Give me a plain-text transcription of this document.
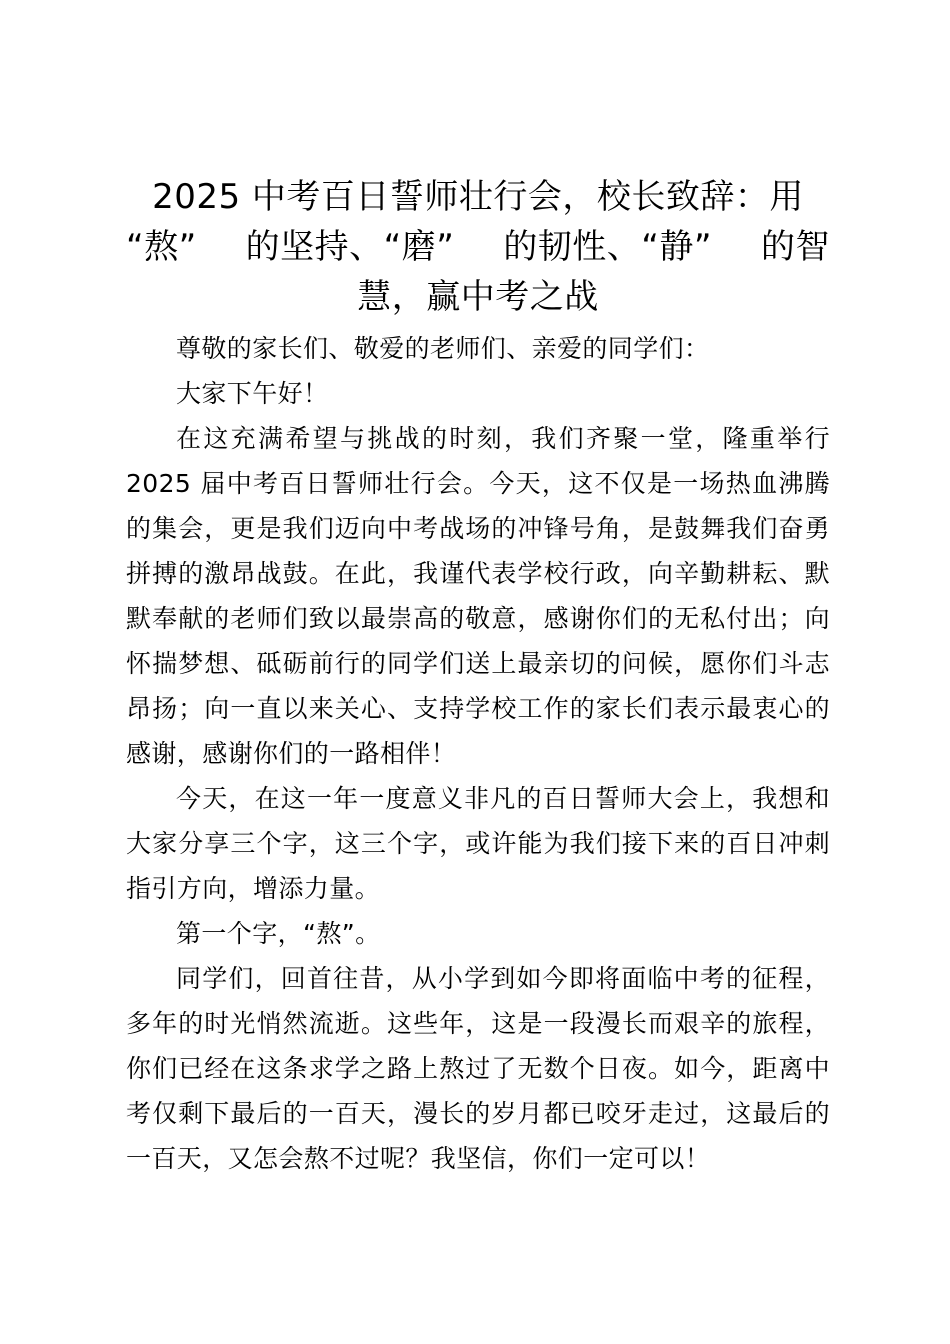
2025 中考百日誓师壮行会，校长致辞：用
“熬” 的坚持、“磨” 的韧性、“静” 的智
慧，赢中考之战

尊敬的家长们、敬爱的老师们、亲爱的同学们：

大家下午好！

在这充满希望与挑战的时刻，我们齐聚一堂，隆重举行2025 届中考百日誓师壮行会。今天，这不仅是一场热血沸腾的集会，更是我们迈向中考战场的冲锋号角，是鼓舞我们奋勇拼搏的激昂战鼓。在此，我谨代表学校行政，向辛勤耕耘、默默奉献的老师们致以最崇高的敬意，感谢你们的无私付出；向怀揣梦想、砥砺前行的同学们送上最亲切的问候，愿你们斗志昂扬；向一直以来关心、支持学校工作的家长们表示最衷心的感谢，感谢你们的一路相伴！

今天，在这一年一度意义非凡的百日誓师大会上，我想和大家分享三个字，这三个字，或许能为我们接下来的百日冲刺指引方向，增添力量。

第一个字，“熬”。

同学们，回首往昔，从小学到如今即将面临中考的征程，多年的时光悄然流逝。这些年，这是一段漫长而艰辛的旅程，你们已经在这条求学之路上熬过了无数个日夜。如今，距离中考仅剩下最后的一百天，漫长的岁月都已咬牙走过，这最后的一百天，又怎会熬不过呢？我坚信，你们一定可以！
